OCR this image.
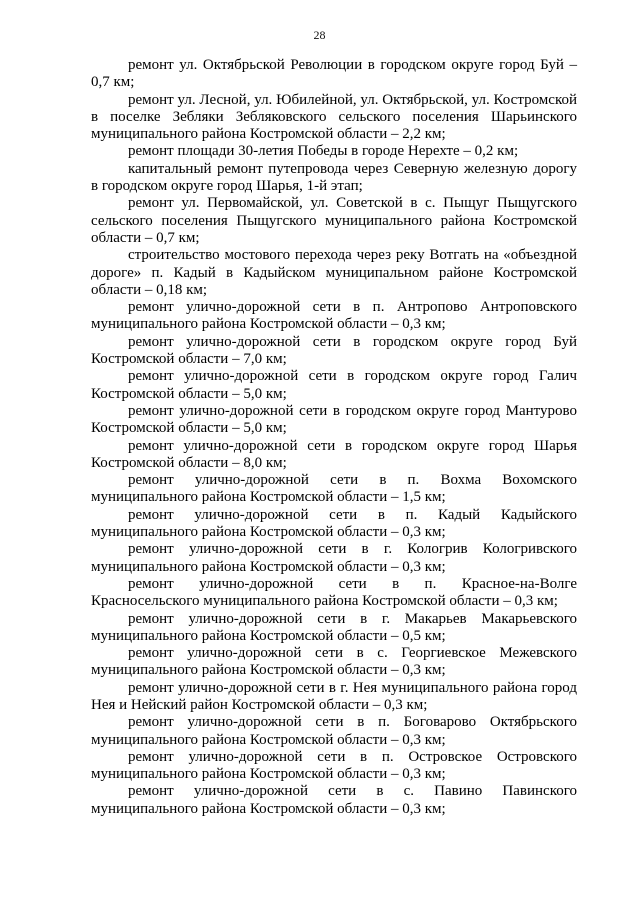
28

ремонт ул. Октябрьской Революции в городском округе город Буй – 0,7 км;

ремонт ул. Лесной, ул. Юбилейной, ул. Октябрьской, ул. Костромской в поселке Зебляки Зебляковского сельского поселения Шарьинского муниципального района Костромской области – 2,2 км;

ремонт площади 30-летия Победы в городе Нерехте – 0,2 км;

капитальный ремонт путепровода через Северную железную дорогу в городском округе город Шарья, 1-й этап;

ремонт ул. Первомайской, ул. Советской в с. Пыщуг Пыщугского сельского поселения Пыщугского муниципального района Костромской области – 0,7 км;

строительство мостового перехода через реку Вотгать на «объездной дороге» п. Кадый в Кадыйском муниципальном районе Костромской области – 0,18 км;

ремонт улично-дорожной сети в п. Антропово Антроповского муниципального района Костромской области – 0,3 км;

ремонт улично-дорожной сети в городском округе город Буй Костромской области – 7,0 км;

ремонт улично-дорожной сети в городском округе город Галич Костромской области – 5,0 км;

ремонт улично-дорожной сети в городском округе город Мантурово Костромской области – 5,0 км;

ремонт улично-дорожной сети в городском округе город Шарья Костромской области – 8,0 км;

ремонт улично-дорожной сети в п. Вохма Вохомского муниципального района Костромской области – 1,5 км;

ремонт улично-дорожной сети в п. Кадый Кадыйского муниципального района Костромской области – 0,3 км;

ремонт улично-дорожной сети в г. Кологрив Кологривского муниципального района Костромской области – 0,3 км;

ремонт улично-дорожной сети в п. Красное-на-Волге Красносельского муниципального района Костромской области – 0,3 км;

ремонт улично-дорожной сети в г. Макарьев Макарьевского муниципального района Костромской области – 0,5 км;

ремонт улично-дорожной сети в с. Георгиевское Межевского муниципального района Костромской области – 0,3 км;

ремонт улично-дорожной сети в г. Нея муниципального района город Нея и Нейский район Костромской области – 0,3 км;

ремонт улично-дорожной сети в п. Боговарово Октябрьского муниципального района Костромской области – 0,3 км;

ремонт улично-дорожной сети в п. Островское Островского муниципального района Костромской области – 0,3 км;

ремонт улично-дорожной сети в с. Павино Павинского муниципального района Костромской области – 0,3 км;
